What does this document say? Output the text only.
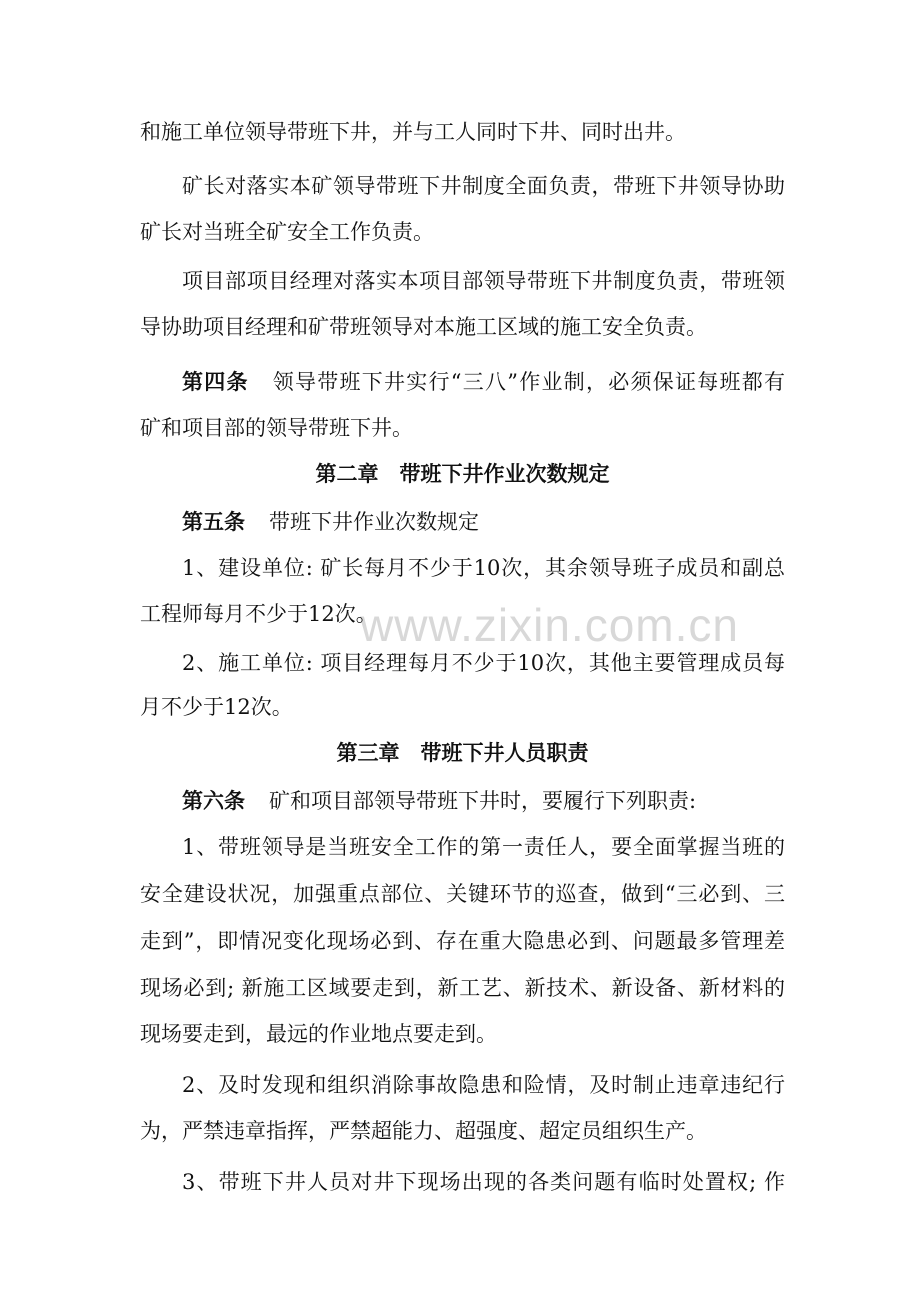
www.zixin.com.cn
和施工单位领导带班下井，并与工人同时下井、同时出井。
矿长对落实本矿领导带班下井制度全面负责，带班下井领导协助
矿长对当班全矿安全工作负责。
项目部项目经理对落实本项目部领导带班下井制度负责，带班领
导协助项目经理和矿带班领导对本施工区域的施工安全负责。
第四条 领导带班下井实行“三八”作业制，必须保证每班都有
矿和项目部的领导带班下井。
第二章　带班下井作业次数规定
第五条 带班下井作业次数规定
1、建设单位: 矿长每月不少于10次，其余领导班子成员和副总
工程师每月不少于12次。
2、施工单位: 项目经理每月不少于10次，其他主要管理成员每
月不少于12次。
第三章　带班下井人员职责
第六条 矿和项目部领导带班下井时，要履行下列职责:
1、带班领导是当班安全工作的第一责任人，要全面掌握当班的
安全建设状况，加强重点部位、关键环节的巡查，做到“三必到、三
走到”，即情况变化现场必到、存在重大隐患必到、问题最多管理差
现场必到; 新施工区域要走到，新工艺、新技术、新设备、新材料的
现场要走到，最远的作业地点要走到。
2、及时发现和组织消除事故隐患和险情，及时制止违章违纪行
为，严禁违章指挥，严禁超能力、超强度、超定员组织生产。
3、带班下井人员对井下现场出现的各类问题有临时处置权; 作
